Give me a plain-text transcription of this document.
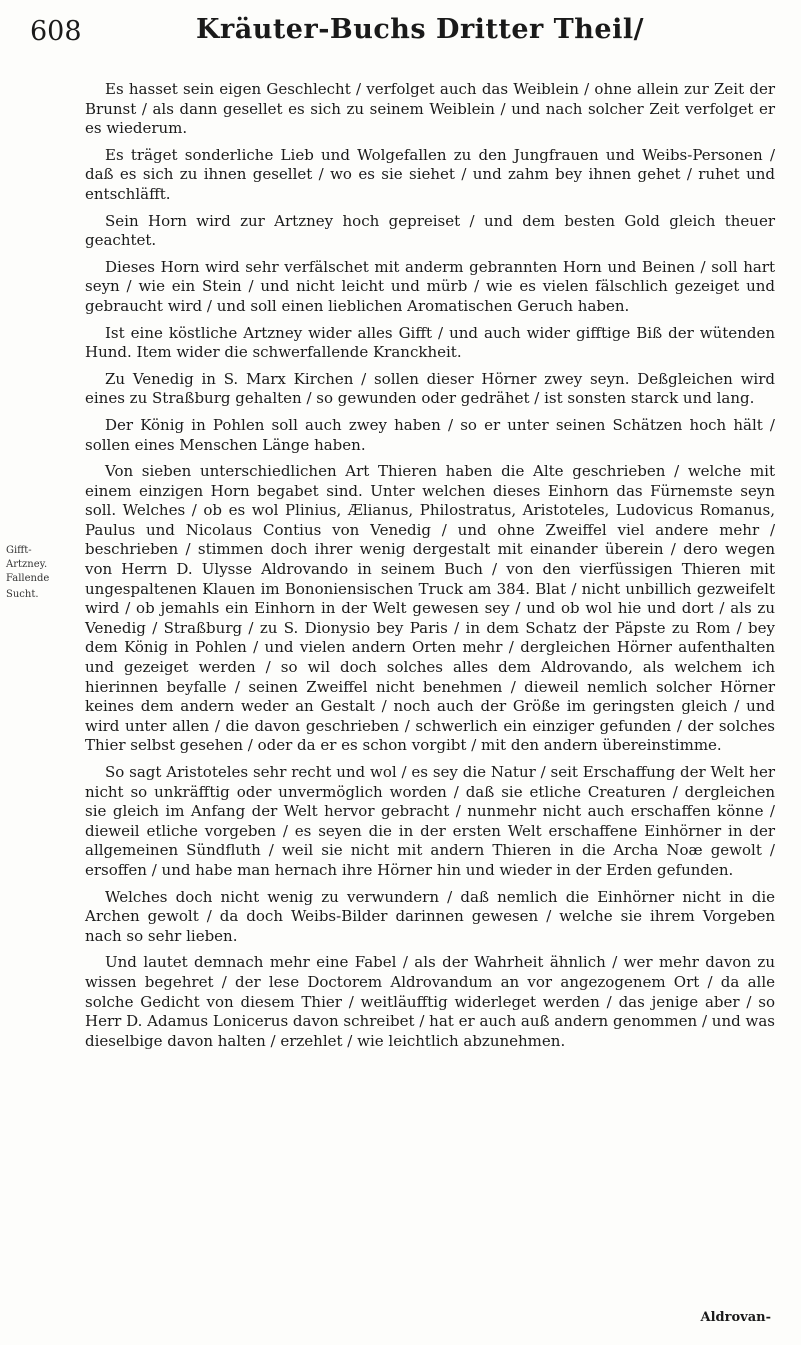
608	Kräuter-Buchs Dritter Theil/
Gifft-
Artzney.
Fallende
Sucht.

Es hasset sein eigen Geschlecht / verfolget auch das Weiblein / ohne allein zur Zeit der Brunst / als dann gesellet es sich zu seinem Weiblein / und nach solcher Zeit verfolget er es wiederum.

Es träget sonderliche Lieb und Wolgefallen zu den Jungfrauen und Weibs-Personen / daß es sich zu ihnen gesellet / wo es sie siehet / und zahm bey ihnen gehet / ruhet und entschläfft.

Sein Horn wird zur Artzney hoch gepreiset / und dem besten Gold gleich theuer geachtet.

Dieses Horn wird sehr verfälschet mit anderm gebrannten Horn und Beinen / soll hart seyn / wie ein Stein / und nicht leicht und mürb / wie es vielen fälschlich gezeiget und gebraucht wird / und soll einen lieblichen Aromatischen Geruch haben.

Ist eine köstliche Artzney wider alles Gifft / und auch wider gifftige Biß der wütenden Hund. Item wider die schwerfallende Kranckheit.

Zu Venedig in S. Marx Kirchen / sollen dieser Hörner zwey seyn. Deßgleichen wird eines zu Straßburg gehalten / so gewunden oder gedrähet / ist sonsten starck und lang.

Der König in Pohlen soll auch zwey haben / so er unter seinen Schätzen hoch hält / sollen eines Menschen Länge haben.

Von sieben unterschiedlichen Art Thieren haben die Alte geschrieben / welche mit einem einzigen Horn begabet sind. Unter welchen dieses Einhorn das Fürnemste seyn soll. Welches / ob es wol Plinius, Ælianus, Philostratus, Aristoteles, Ludovicus Romanus, Paulus und Nicolaus Contius von Venedig / und ohne Zweiffel viel andere mehr / beschrieben / stimmen doch ihrer wenig dergestalt mit einander überein / dero wegen von Herrn D. Ulysse Aldrovando in seinem Buch / von den vierfüssigen Thieren mit ungespaltenen Klauen im Bononiensischen Truck am 384. Blat / nicht unbillich gezweifelt wird / ob jemahls ein Einhorn in der Welt gewesen sey / und ob wol hie und dort / als zu Venedig / Straßburg / zu S. Dionysio bey Paris / in dem Schatz der Päpste zu Rom / bey dem König in Pohlen / und vielen andern Orten mehr / dergleichen Hörner aufenthalten und gezeiget werden / so wil doch solches alles dem Aldrovando, als welchem ich hierinnen beyfalle / seinen Zweiffel nicht benehmen / dieweil nemlich solcher Hörner keines dem andern weder an Gestalt / noch auch der Größe im geringsten gleich / und wird unter allen / die davon geschrieben / schwerlich ein einziger gefunden / der solches Thier selbst gesehen / oder da er es schon vorgibt / mit den andern übereinstimme.

So sagt Aristoteles sehr recht und wol / es sey die Natur / seit Erschaffung der Welt her nicht so unkräfftig oder unvermöglich worden / daß sie etliche Creaturen / dergleichen sie gleich im Anfang der Welt hervor gebracht / nunmehr nicht auch erschaffen könne / dieweil etliche vorgeben / es seyen die in der ersten Welt erschaffene Einhörner in der allgemeinen Sündfluth / weil sie nicht mit andern Thieren in die Archa Noæ gewolt / ersoffen / und habe man hernach ihre Hörner hin und wieder in der Erden gefunden.

Welches doch nicht wenig zu verwundern / daß nemlich die Einhörner nicht in die Archen gewolt / da doch Weibs-Bilder darinnen gewesen / welche sie ihrem Vorgeben nach so sehr lieben.

Und lautet demnach mehr eine Fabel / als der Wahrheit ähnlich / wer mehr davon zu wissen begehret / der lese Doctorem Aldrovandum an vor angezogenem Ort / da alle solche Gedicht von diesem Thier / weitläufftig widerleget werden / das jenige aber / so Herr D. Adamus Lonicerus davon schreibet / hat er auch auß andern genommen / und was dieselbige davon halten / erzehlet / wie leichtlich abzunehmen.

Aldrovan-
